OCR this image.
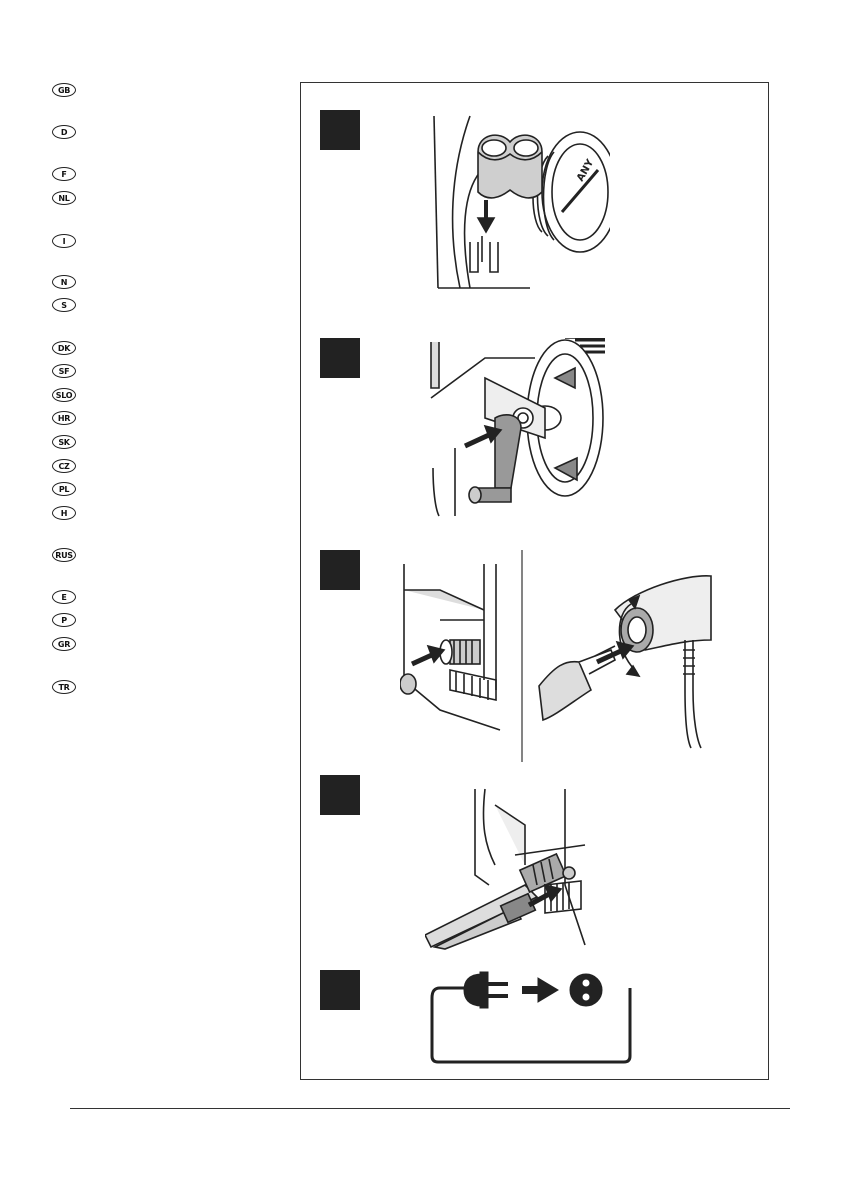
GB
D
F
NL
I
N
S
DK
SF
SLO
HR
SK
CZ
PL
H
RUS
E
P
GR
TR
ANY
